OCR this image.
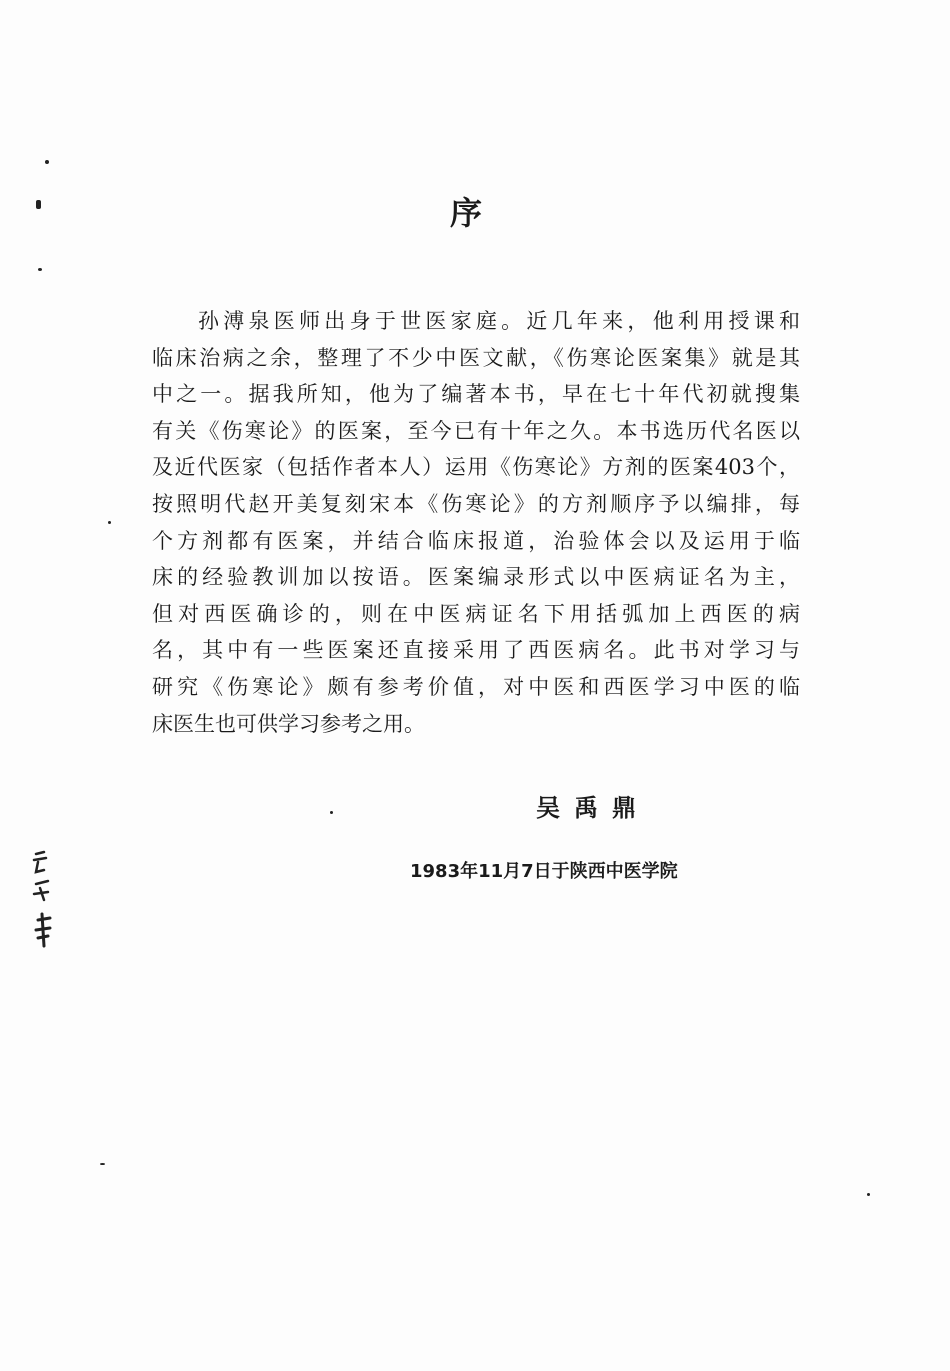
序
孙溥泉医师出身于世医家庭。近几年来，他利用授课和
临床治病之余，整理了不少中医文献，《伤寒论医案集》就是其
中之一。据我所知，他为了编著本书，早在七十年代初就搜集
有关《伤寒论》的医案，至今已有十年之久。本书选历代名医以
及近代医家（包括作者本人）运用《伤寒论》方剂的医案403个，
按照明代赵开美复刻宋本《伤寒论》的方剂顺序予以编排，每
个方剂都有医案，并结合临床报道，治验体会以及运用于临
床的经验教训加以按语。医案编录形式以中医病证名为主，
但对西医确诊的，则在中医病证名下用括弧加上西医的病
名，其中有一些医案还直接采用了西医病名。此书对学习与
研究《伤寒论》颇有参考价值，对中医和西医学习中医的临
床医生也可供学习参考之用。
吴禹鼎
1983年11月7日于陕西中医学院
